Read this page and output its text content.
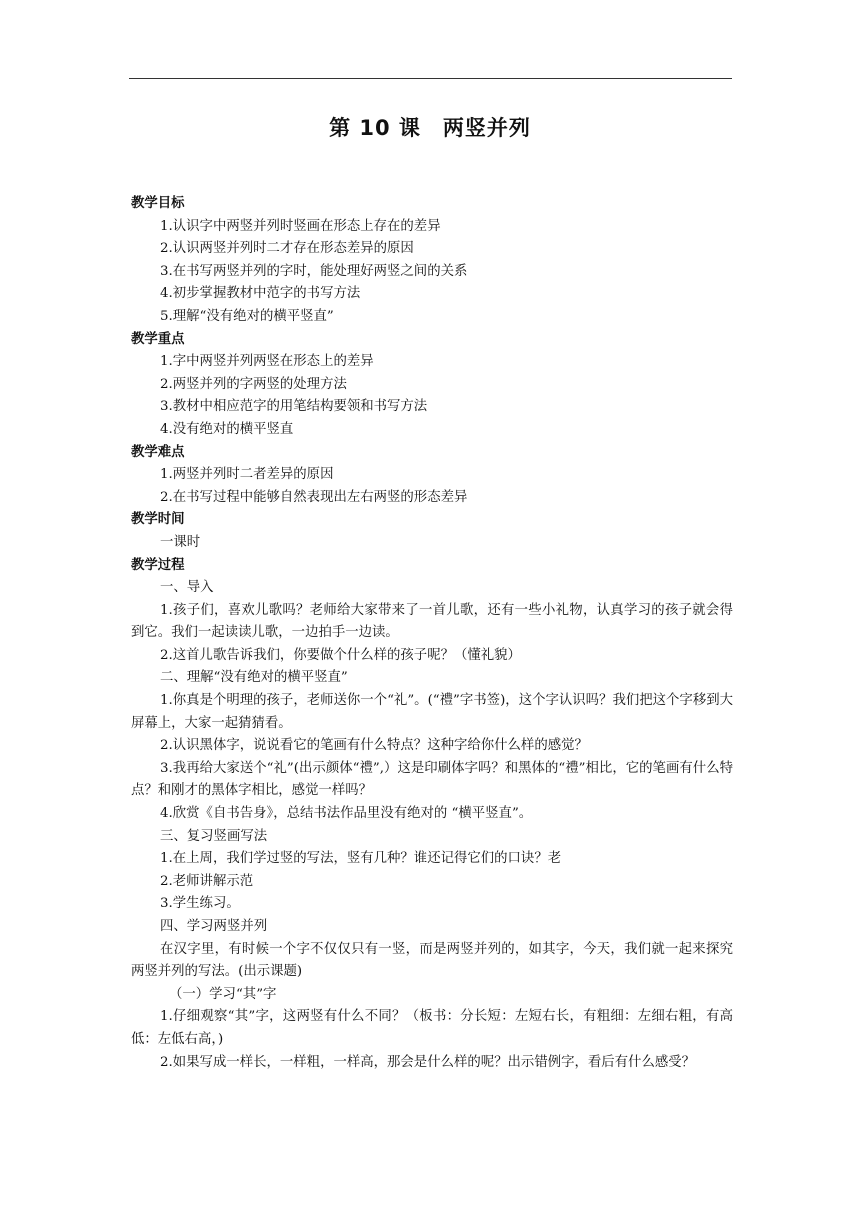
第 10 课　两竖并列
教学目标
1.认识字中两竖并列时竖画在形态上存在的差异
2.认识两竖并列时二才存在形态差异的原因
3.在书写两竖并列的字时，能处理好两竖之间的关系
4.初步掌握教材中范字的书写方法
5.理解“没有绝对的横平竖直”
教学重点
1.字中两竖并列两竖在形态上的差异
2.两竖并列的字两竖的处理方法
3.教材中相应范字的用笔结构要领和书写方法
4.没有绝对的横平竖直
教学难点
1.两竖并列时二者差异的原因
2.在书写过程中能够自然表现出左右两竖的形态差异
教学时间
一课时
教学过程
一、导入
1.孩子们，喜欢儿歌吗？老师给大家带来了一首儿歌，还有一些小礼物，认真学习的孩子就会得到它。我们一起读读儿歌，一边拍手一边读。
2.这首儿歌告诉我们，你要做个什么样的孩子呢？（懂礼貌）
二、理解“没有绝对的横平竖直”
1.你真是个明理的孩子，老师送你一个“礼”。(“禮”字书签)，这个字认识吗？我们把这个字移到大屏幕上，大家一起猜猜看。
2.认识黑体字，说说看它的笔画有什么特点？这种字给你什么样的感觉？
3.我再给大家送个“礼”(出示颜体“禮”,）这是印刷体字吗？和黑体的“禮”相比，它的笔画有什么特点？和刚才的黑体字相比，感觉一样吗？
4.欣赏《自书告身》，总结书法作品里没有绝对的 “横平竖直”。
三、复习竖画写法
1.在上周，我们学过竖的写法，竖有几种？谁还记得它们的口诀？老
2.老师讲解示范
3.学生练习。
四、学习两竖并列
在汉字里，有时候一个字不仅仅只有一竖，而是两竖并列的，如其字，今天，我们就一起来探究两竖并列的写法。(出示课题)
（一）学习“其”字
1.仔细观察“其”字，这两竖有什么不同？（板书：分长短：左短右长，有粗细：左细右粗，有高低：左低右高，)
2.如果写成一样长，一样粗，一样高，那会是什么样的呢？出示错例字，看后有什么感受？
